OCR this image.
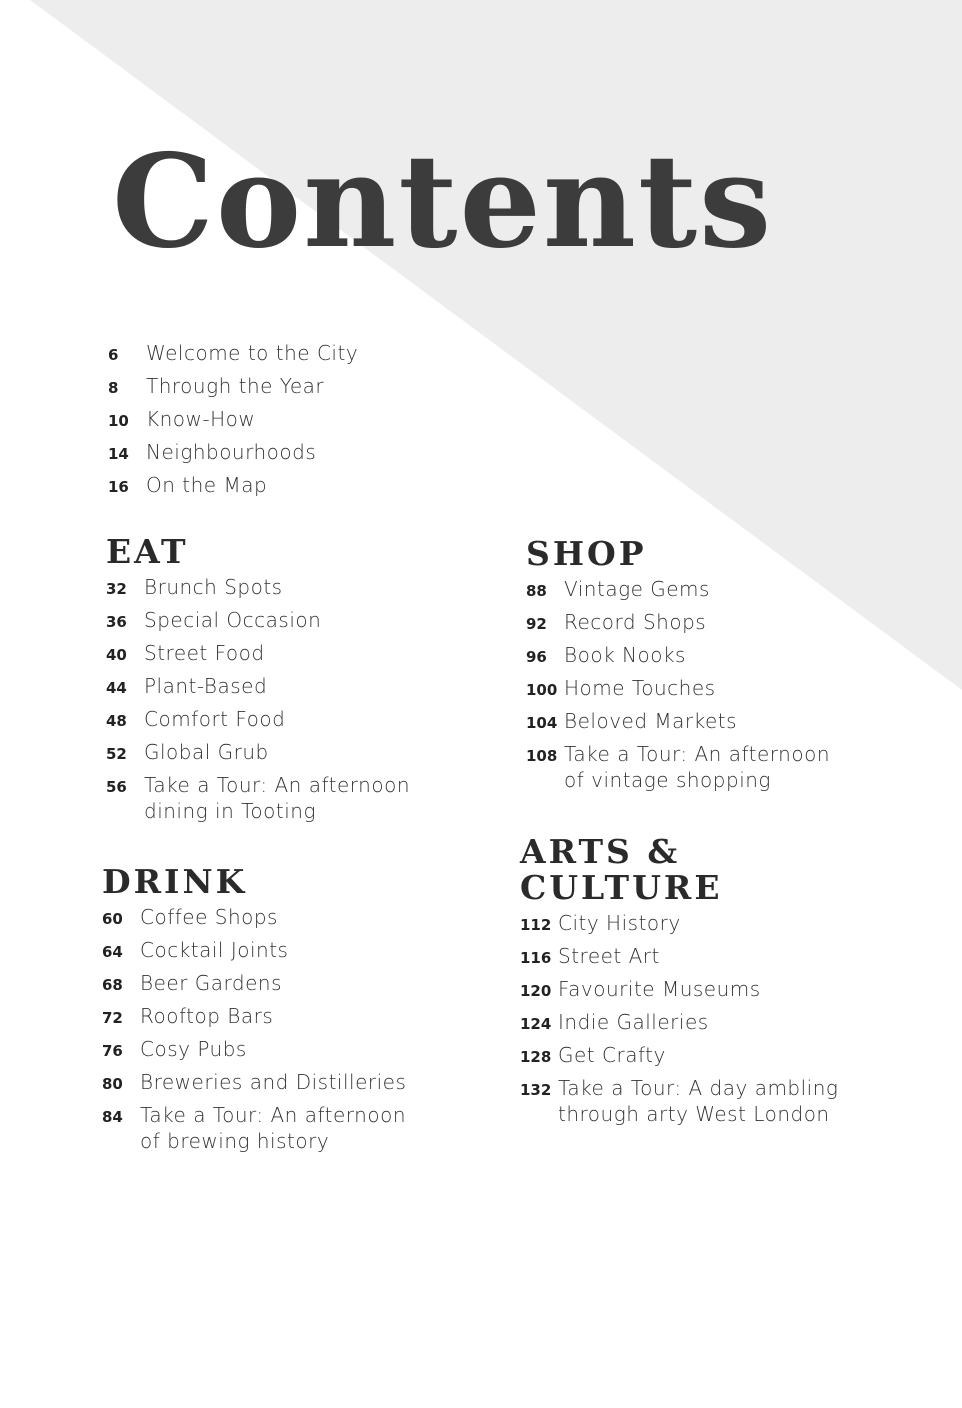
Contents
6	Welcome to the City
8	Through the Year
10 Know-How
14 Neighbourhoods
16 On the Map
EAT
32 Brunch Spots
36 Special Occasion
40 Street Food
44 Plant-Based
48 Comfort Food
52 Global Grub
56 Take a Tour: An afternoon
dining in Tooting
DRINK
60 Coffee Shops
64 Cocktail Joints
68 Beer Gardens
72 Rooftop Bars
76 Cosy Pubs
80 Breweries and Distilleries
84 Take a Tour: An afternoon
of brewing history
SHOP
88 Vintage Gems
92 Record Shops
96 Book Nooks
100 Home Touches
104 Beloved Markets
108 Take a Tour: An afternoon
of vintage shopping
ARTS &
CULTURE
112 City History
116 Street Art
120 Favourite Museums
124 Indie Galleries
128 Get Crafty
132 Take a Tour: A day ambling
through arty West London
